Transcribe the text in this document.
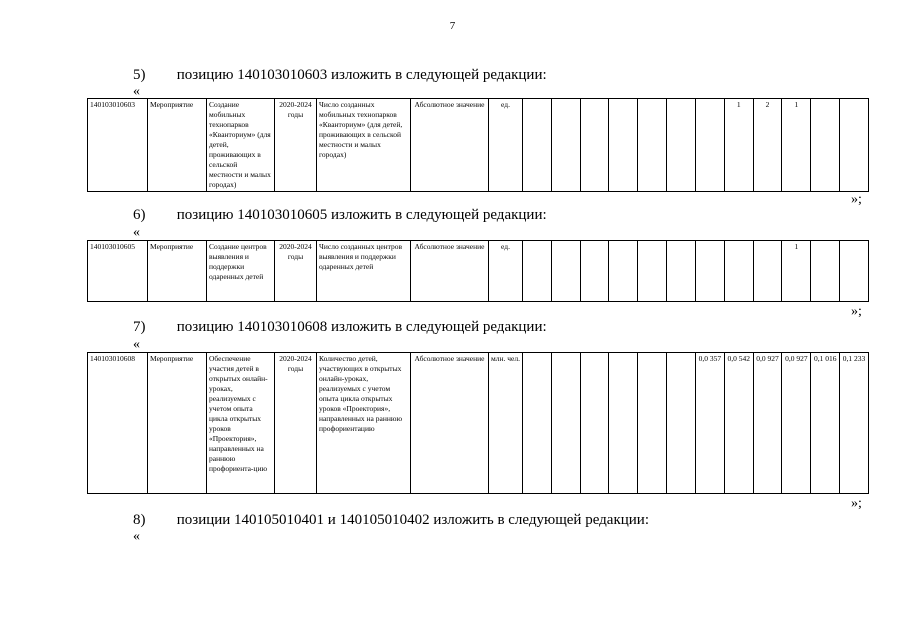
7
5) позицию 140103010603 изложить в следующей редакции:
«
140103010603	Мероприятие	Создание мобильных технопарков «Кванториум» (для детей, проживающих в сельской местности и малых городах)	2020-2024 годы	Число созданных мобильных технопарков «Кванториум» (для детей, проживающих в сельской местности и малых городах)	Абсолютное значение	ед.								1	2	1		
»;
6) позицию 140103010605 изложить в следующей редакции:
«
140103010605	Мероприятие	Создание центров выявления и поддержки одаренных детей	2020-2024 годы	Число созданных центров выявления и поддержки одаренных детей	Абсолютное значение	ед.										1		
»;
7) позицию 140103010608 изложить в следующей редакции:
«
140103010608	Мероприятие	Обеспечение участия детей в открытых онлайн-уроках, реализуемых с учетом опыта цикла открытых уроков «Проектория», направленных на раннюю профориента-цию	2020-2024 годы	Количество детей, участвующих в открытых онлайн-уроках, реализуемых с учетом опыта цикла открытых уроков «Проектория», направленных на раннюю профориентацию	Абсолютное значение	млн. чел.							0,0 357	0,0 542	0,0 927	0,0 927	0,1 016	0,1 233
»;
8) позиции 140105010401 и 140105010402 изложить в следующей редакции:
«
